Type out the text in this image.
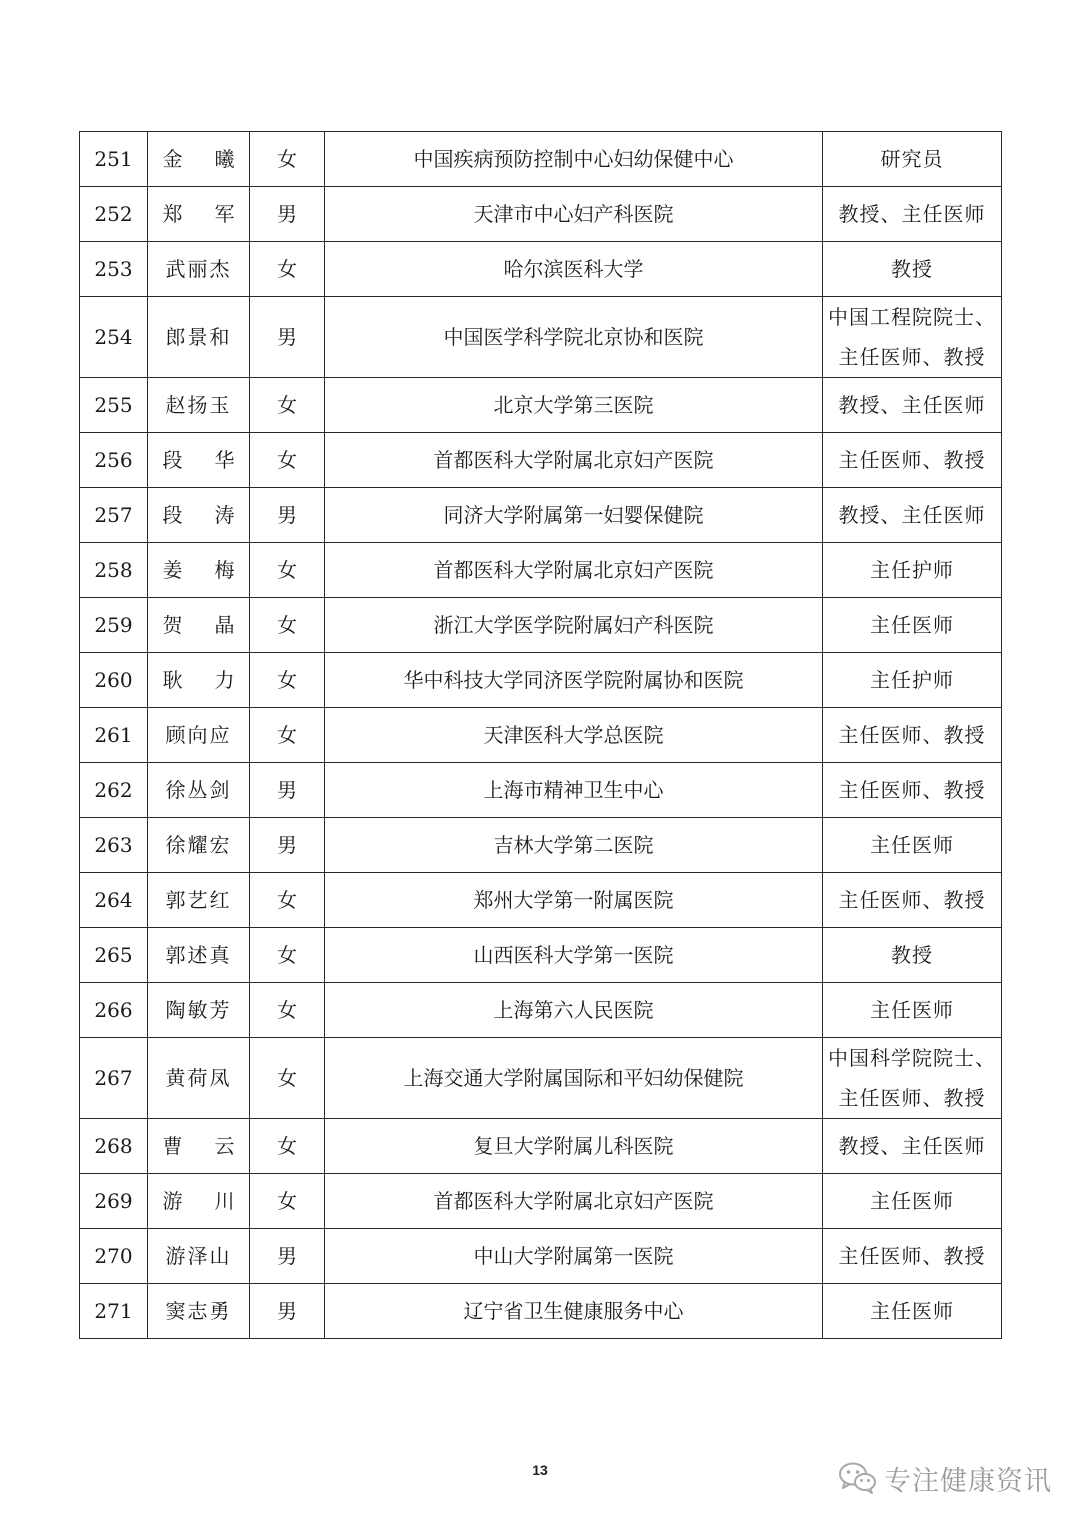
251	金 曦	女	中国疾病预防控制中心妇幼保健中心	研究员

252	郑 军	男	天津市中心妇产科医院	教授、主任医师

253	武丽杰	女	哈尔滨医科大学	教授

254	郎景和	男	中国医学科学院北京协和医院	中国工程院院士、
主任医师、教授

255	赵扬玉	女	北京大学第三医院	教授、主任医师

256	段 华	女	首都医科大学附属北京妇产医院	主任医师、教授

257	段 涛	男	同济大学附属第一妇婴保健院	教授、主任医师

258	姜 梅	女	首都医科大学附属北京妇产医院	主任护师

259	贺 晶	女	浙江大学医学院附属妇产科医院	主任医师

260	耿 力	女	华中科技大学同济医学院附属协和医院	主任护师

261	顾向应	女	天津医科大学总医院	主任医师、教授

262	徐丛剑	男	上海市精神卫生中心	主任医师、教授

263	徐耀宏	男	吉林大学第二医院	主任医师

264	郭艺红	女	郑州大学第一附属医院	主任医师、教授

265	郭述真	女	山西医科大学第一医院	教授

266	陶敏芳	女	上海第六人民医院	主任医师

267	黄荷凤	女	上海交通大学附属国际和平妇幼保健院	中国科学院院士、
主任医师、教授

268	曹 云	女	复旦大学附属儿科医院	教授、主任医师

269	游 川	女	首都医科大学附属北京妇产医院	主任医师

270	游泽山	男	中山大学附属第一医院	主任医师、教授

271	窦志勇	男	辽宁省卫生健康服务中心	主任医师
13	专注健康资讯
